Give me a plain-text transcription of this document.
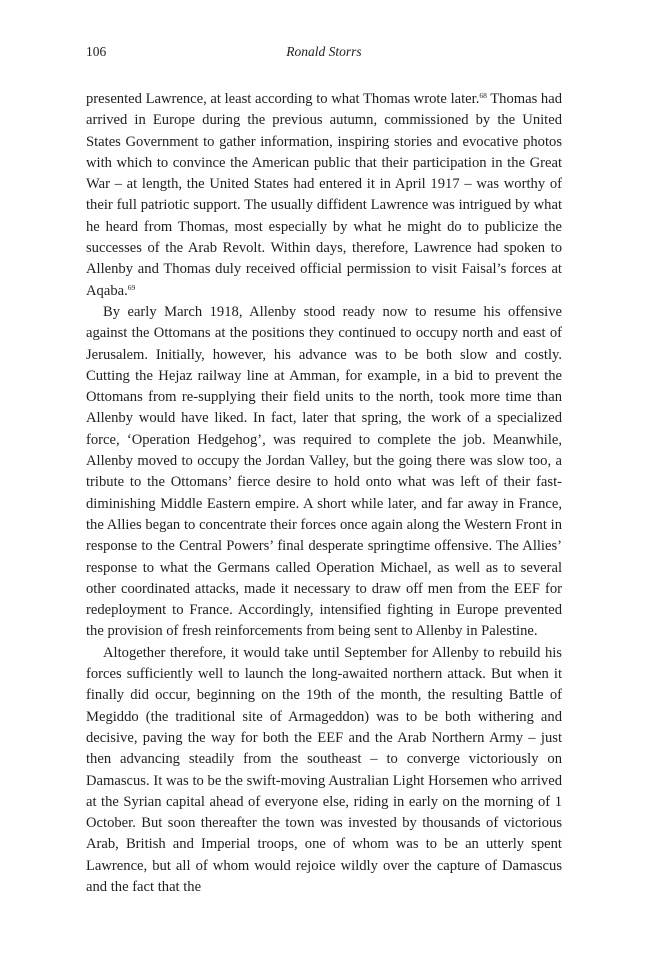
106	Ronald Storrs

presented Lawrence, at least according to what Thomas wrote later.$^{68}$ Thomas had arrived in Europe during the previous autumn, commissioned by the United States Government to gather information, inspiring stories and evocative photos with which to convince the American public that their participation in the Great War – at length, the United States had entered it in April 1917 – was worthy of their full patriotic support. The usually diffident Lawrence was intrigued by what he heard from Thomas, most especially by what he might do to publicize the successes of the Arab Revolt. Within days, therefore, Lawrence had spoken to Allenby and Thomas duly received official permission to visit Faisal’s forces at Aqaba.$^{69}$

By early March 1918, Allenby stood ready now to resume his offensive against the Ottomans at the positions they continued to occupy north and east of Jerusalem. Initially, however, his advance was to be both slow and costly. Cutting the Hejaz railway line at Amman, for example, in a bid to prevent the Ottomans from re-supplying their field units to the north, took more time than Allenby would have liked. In fact, later that spring, the work of a specialized force, ‘Operation Hedgehog’, was required to complete the job. Meanwhile, Allenby moved to occupy the Jordan Valley, but the going there was slow too, a tribute to the Ottomans’ fierce desire to hold onto what was left of their fast-diminishing Middle Eastern empire. A short while later, and far away in France, the Allies began to concentrate their forces once again along the Western Front in response to the Central Powers’ final desperate springtime offensive. The Allies’ response to what the Germans called Operation Michael, as well as to several other coordinated attacks, made it necessary to draw off men from the EEF for redeployment to France. Accordingly, intensified fighting in Europe prevented the provision of fresh reinforcements from being sent to Allenby in Palestine.

Altogether therefore, it would take until September for Allenby to rebuild his forces sufficiently well to launch the long-awaited northern attack. But when it finally did occur, beginning on the 19th of the month, the resulting Battle of Megiddo (the traditional site of Armageddon) was to be both withering and decisive, paving the way for both the EEF and the Arab Northern Army – just then advancing steadily from the southeast – to converge victoriously on Damascus. It was to be the swift-moving Australian Light Horsemen who arrived at the Syrian capital ahead of everyone else, riding in early on the morning of 1 October. But soon thereafter the town was invested by thousands of victorious Arab, British and Imperial troops, one of whom was to be an utterly spent Lawrence, but all of whom would rejoice wildly over the capture of Damascus and the fact that the
